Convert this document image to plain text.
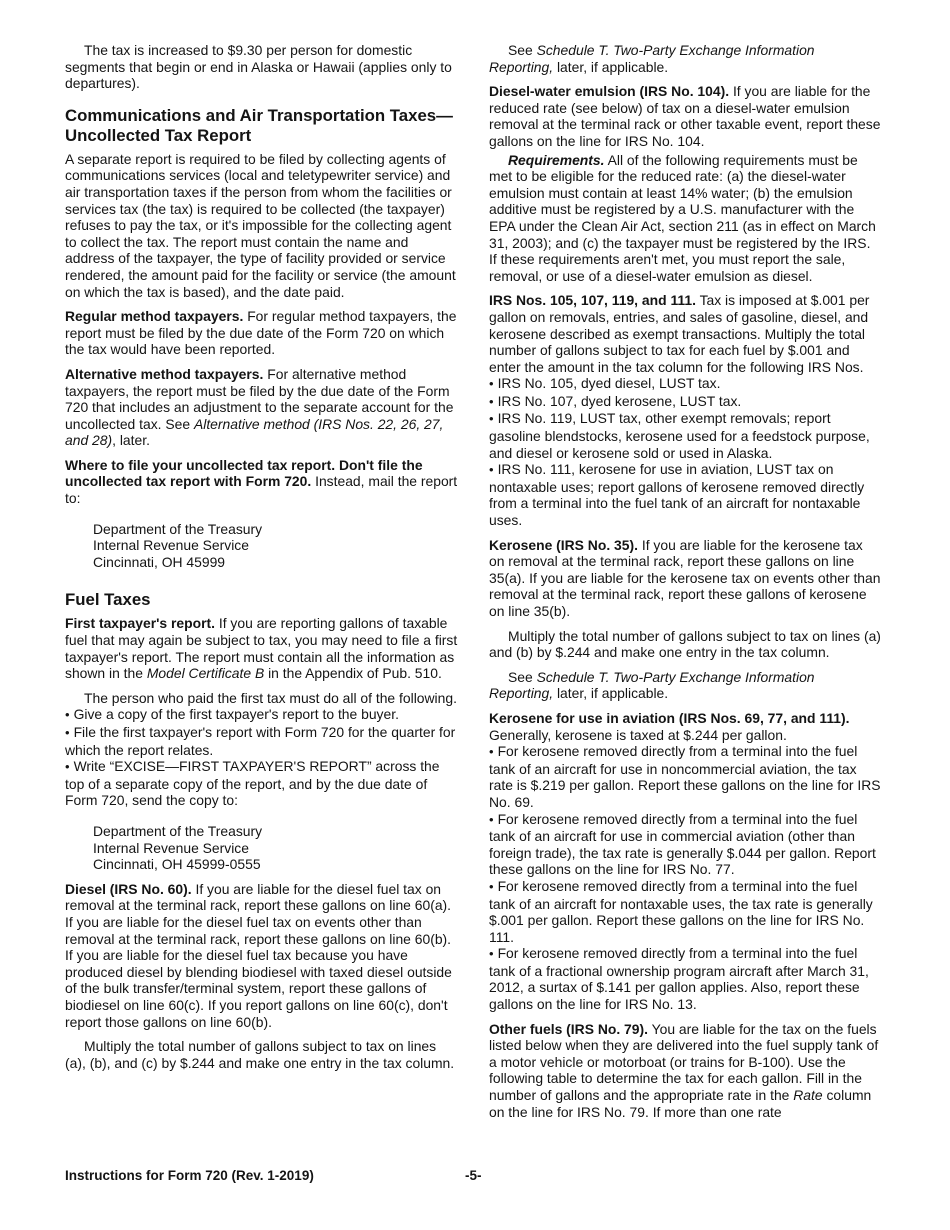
The tax is increased to $9.30 per person for domestic segments that begin or end in Alaska or Hawaii (applies only to departures).

Communications and Air Transportation Taxes—Uncollected Tax Report

A separate report is required to be filed by collecting agents of communications services (local and teletypewriter service) and air transportation taxes if the person from whom the facilities or services tax (the tax) is required to be collected (the taxpayer) refuses to pay the tax, or it's impossible for the collecting agent to collect the tax. The report must contain the name and address of the taxpayer, the type of facility provided or service rendered, the amount paid for the facility or service (the amount on which the tax is based), and the date paid.

Regular method taxpayers. For regular method taxpayers, the report must be filed by the due date of the Form 720 on which the tax would have been reported.

Alternative method taxpayers. For alternative method taxpayers, the report must be filed by the due date of the Form 720 that includes an adjustment to the separate account for the uncollected tax. See Alternative method (IRS Nos. 22, 26, 27, and 28), later.

Where to file your uncollected tax report. Don't file the uncollected tax report with Form 720. Instead, mail the report to:

Department of the Treasury
Internal Revenue Service
Cincinnati, OH 45999
Fuel Taxes

First taxpayer's report. If you are reporting gallons of taxable fuel that may again be subject to tax, you may need to file a first taxpayer's report. The report must contain all the information as shown in the Model Certificate B in the Appendix of Pub. 510.

The person who paid the first tax must do all of the following.

• Give a copy of the first taxpayer's report to the buyer.
• File the first taxpayer's report with Form 720 for the quarter for which the report relates.
• Write “EXCISE—FIRST TAXPAYER'S REPORT” across the top of a separate copy of the report, and by the due date of Form 720, send the copy to:
Department of the Treasury
Internal Revenue Service
Cincinnati, OH 45999-0555

Diesel (IRS No. 60). If you are liable for the diesel fuel tax on removal at the terminal rack, report these gallons on line 60(a). If you are liable for the diesel fuel tax on events other than removal at the terminal rack, report these gallons on line 60(b). If you are liable for the diesel fuel tax because you have produced diesel by blending biodiesel with taxed diesel outside of the bulk transfer/terminal system, report these gallons of biodiesel on line 60(c). If you report gallons on line 60(c), don't report those gallons on line 60(b).

Multiply the total number of gallons subject to tax on lines (a), (b), and (c) by $.244 and make one entry in the tax column.

See Schedule T. Two-Party Exchange Information Reporting, later, if applicable.

Diesel-water emulsion (IRS No. 104). If you are liable for the reduced rate (see below) of tax on a diesel-water emulsion removal at the terminal rack or other taxable event, report these gallons on the line for IRS No. 104.

Requirements. All of the following requirements must be met to be eligible for the reduced rate: (a) the diesel-water emulsion must contain at least 14% water; (b) the emulsion additive must be registered by a U.S. manufacturer with the EPA under the Clean Air Act, section 211 (as in effect on March 31, 2003); and (c) the taxpayer must be registered by the IRS. If these requirements aren't met, you must report the sale, removal, or use of a diesel-water emulsion as diesel.

IRS Nos. 105, 107, 119, and 111. Tax is imposed at $.001 per gallon on removals, entries, and sales of gasoline, diesel, and kerosene described as exempt transactions. Multiply the total number of gallons subject to tax for each fuel by $.001 and enter the amount in the tax column for the following IRS Nos.

• IRS No. 105, dyed diesel, LUST tax.
• IRS No. 107, dyed kerosene, LUST tax.
• IRS No. 119, LUST tax, other exempt removals; report gasoline blendstocks, kerosene used for a feedstock purpose, and diesel or kerosene sold or used in Alaska.
• IRS No. 111, kerosene for use in aviation, LUST tax on nontaxable uses; report gallons of kerosene removed directly from a terminal into the fuel tank of an aircraft for nontaxable uses.

Kerosene (IRS No. 35). If you are liable for the kerosene tax on removal at the terminal rack, report these gallons on line 35(a). If you are liable for the kerosene tax on events other than removal at the terminal rack, report these gallons of kerosene on line 35(b).

Multiply the total number of gallons subject to tax on lines (a) and (b) by $.244 and make one entry in the tax column.

See Schedule T. Two-Party Exchange Information Reporting, later, if applicable.

Kerosene for use in aviation (IRS Nos. 69, 77, and 111). Generally, kerosene is taxed at $.244 per gallon.

• For kerosene removed directly from a terminal into the fuel tank of an aircraft for use in noncommercial aviation, the tax rate is $.219 per gallon. Report these gallons on the line for IRS No. 69.
• For kerosene removed directly from a terminal into the fuel tank of an aircraft for use in commercial aviation (other than foreign trade), the tax rate is generally $.044 per gallon. Report these gallons on the line for IRS No. 77.
• For kerosene removed directly from a terminal into the fuel tank of an aircraft for nontaxable uses, the tax rate is generally $.001 per gallon. Report these gallons on the line for IRS No. 111.
• For kerosene removed directly from a terminal into the fuel tank of a fractional ownership program aircraft after March 31, 2012, a surtax of $.141 per gallon applies. Also, report these gallons on the line for IRS No. 13.

Other fuels (IRS No. 79). You are liable for the tax on the fuels listed below when they are delivered into the fuel supply tank of a motor vehicle or motorboat (or trains for B-100). Use the following table to determine the tax for each gallon. Fill in the number of gallons and the appropriate rate in the Rate column on the line for IRS No. 79. If more than one rate

Instructions for Form 720 (Rev. 1-2019)	-5-
